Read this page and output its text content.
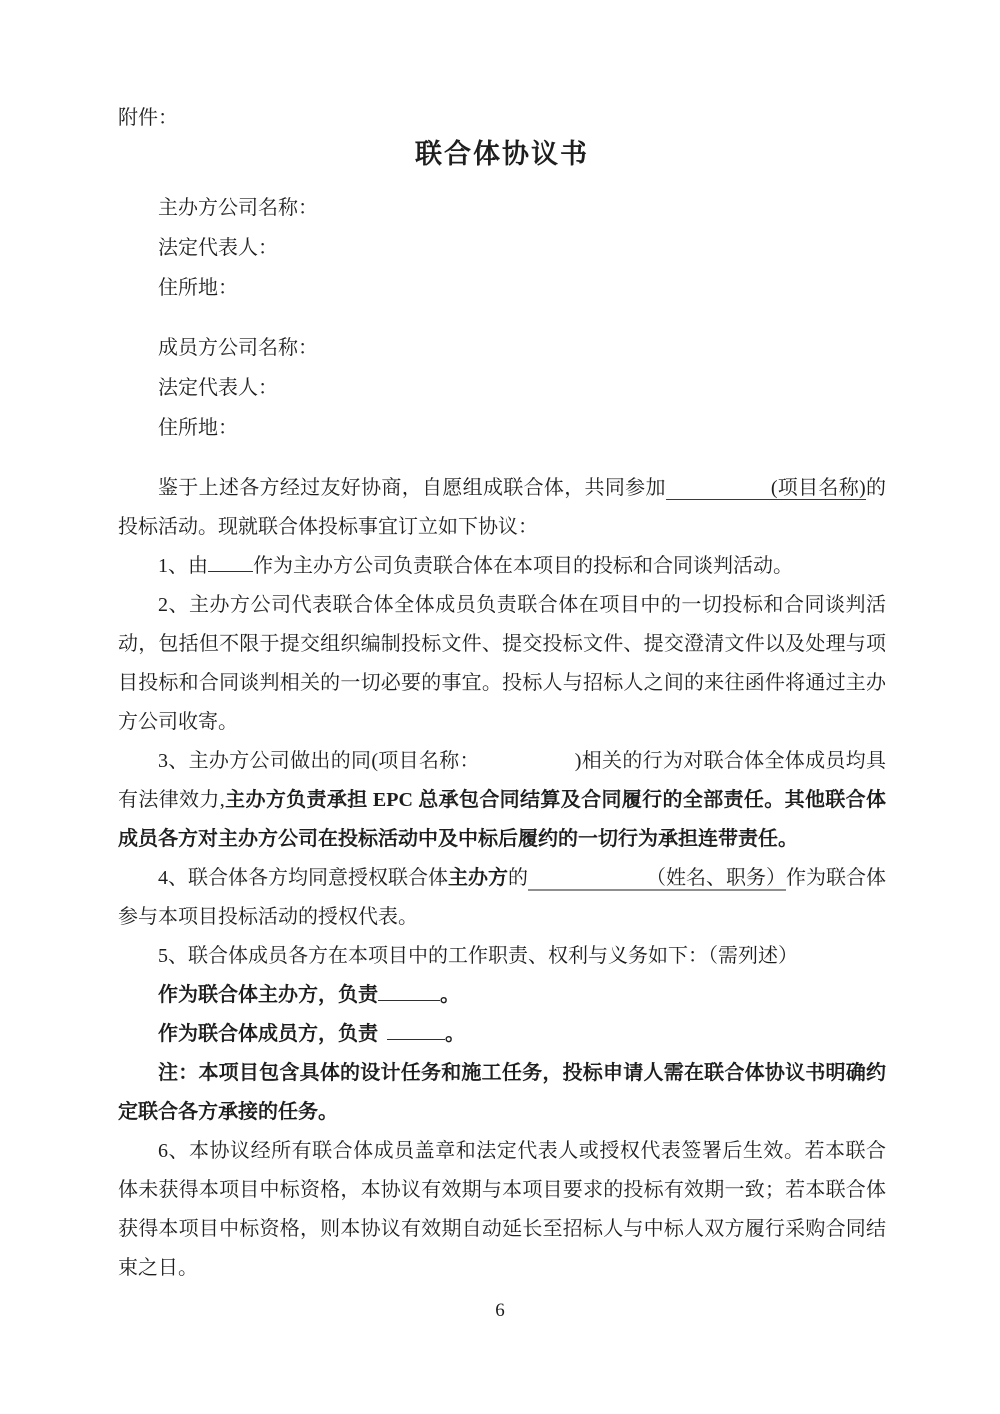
附件：
联合体协议书

主办方公司名称：

法定代表人：

住所地：

成员方公司名称：

法定代表人：

住所地：

鉴于上述各方经过友好协商，自愿组成联合体，共同参加	(项目名称)的投标活动。现就联合体投标事宜订立如下协议：

1、由 作为主办方公司负责联合体在本项目的投标和合同谈判活动。

2、主办方公司代表联合体全体成员负责联合体在项目中的一切投标和合同谈判活动，包括但不限于提交组织编制投标文件、提交投标文件、提交澄清文件以及处理与项目投标和合同谈判相关的一切必要的事宜。投标人与招标人之间的来往函件将通过主办方公司收寄。

3、主办方公司做出的同(项目名称：	)相关的行为对联合体全体成员均具有法律效力,主办方负责承担 EPC 总承包合同结算及合同履行的全部责任。其他联合体成员各方对主办方公司在投标活动中及中标后履约的一切行为承担连带责任。

4、联合体各方均同意授权联合体主办方的	（姓名、职务）作为联合体参与本项目投标活动的授权代表。

5、联合体成员各方在本项目中的工作职责、权利与义务如下：（需列述）

作为联合体主办方，负责	。

作为联合体成员方，负责	。

注：本项目包含具体的设计任务和施工任务，投标申请人需在联合体协议书明确约定联合各方承接的任务。

6、本协议经所有联合体成员盖章和法定代表人或授权代表签署后生效。若本联合体未获得本项目中标资格，本协议有效期与本项目要求的投标有效期一致；若本联合体获得本项目中标资格，则本协议有效期自动延长至招标人与中标人双方履行采购合同结束之日。

6
